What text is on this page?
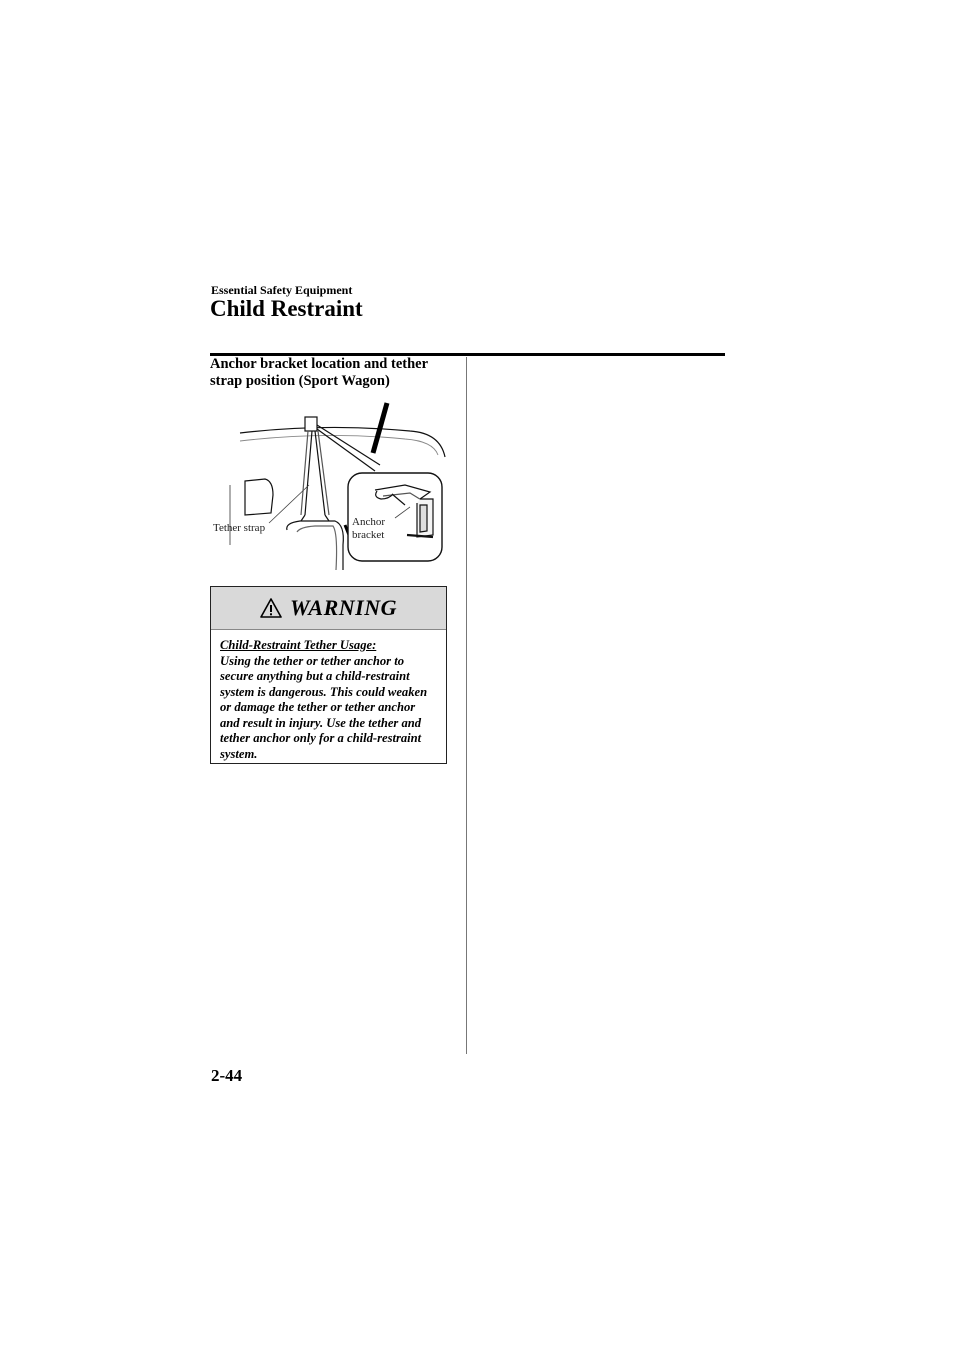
Essential Safety Equipment
Child Restraint

Anchor bracket location and tether strap position (Sport Wagon)

Tether strap	Anchor
bracket
WARNING
Child-Restraint Tether Usage:
Using the tether or tether anchor to secure anything but a child-restraint system is dangerous. This could weaken or damage the tether or tether anchor and result in injury. Use the tether and tether anchor only for a child-restraint system.
2-44
